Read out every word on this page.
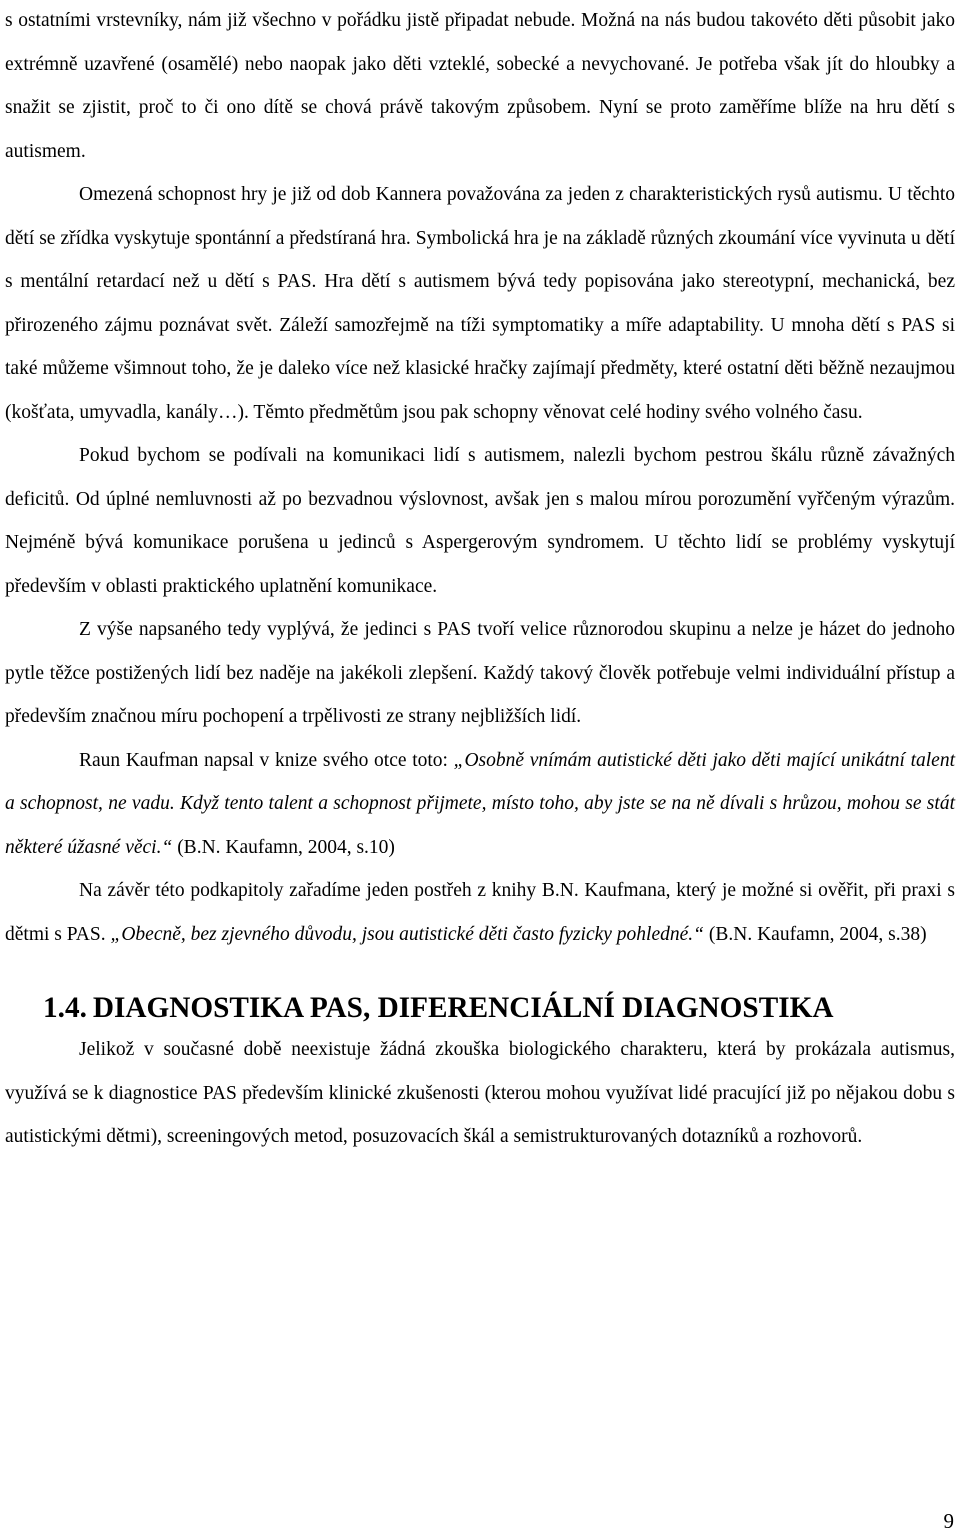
s ostatními vrstevníky, nám již všechno v pořádku jistě připadat nebude. Možná na nás budou takovéto děti působit jako extrémně uzavřené (osamělé) nebo naopak jako děti vzteklé, sobecké a nevychované. Je potřeba však jít do hloubky a snažit se zjistit, proč to či ono dítě se chová právě takovým způsobem. Nyní se proto zaměříme blíže na hru dětí s autismem.

Omezená schopnost hry je již od dob Kannera považována za jeden z charakteristických rysů autismu. U těchto dětí se zřídka vyskytuje spontánní a předstíraná hra. Symbolická hra je na základě různých zkoumání více vyvinuta u dětí s mentální retardací než u dětí s PAS. Hra dětí s autismem bývá tedy popisována jako stereotypní, mechanická, bez přirozeného zájmu poznávat svět. Záleží samozřejmě na tíži symptomatiky a míře adaptability. U mnoha dětí s PAS si také můžeme všimnout toho, že je daleko více než klasické hračky zajímají předměty, které ostatní děti běžně nezaujmou (košťata, umyvadla, kanály…). Těmto předmětům jsou pak schopny věnovat celé hodiny svého volného času.

Pokud bychom se podívali na komunikaci lidí s autismem, nalezli bychom pestrou škálu různě závažných deficitů. Od úplné nemluvnosti až po bezvadnou výslovnost, avšak jen s malou mírou porozumění vyřčeným výrazům. Nejméně bývá komunikace porušena u jedinců s Aspergerovým syndromem. U těchto lidí se problémy vyskytují především v oblasti praktického uplatnění komunikace.

Z výše napsaného tedy vyplývá, že jedinci s PAS tvoří velice různorodou skupinu a nelze je házet do jednoho pytle těžce postižených lidí bez naděje na jakékoli zlepšení. Každý takový člověk potřebuje velmi individuální přístup a především značnou míru pochopení a trpělivosti ze strany nejbližších lidí.

Raun Kaufman napsal v knize svého otce toto: „Osobně vnímám autistické děti jako děti mající unikátní talent a schopnost, ne vadu. Když tento talent a schopnost přijmete, místo toho, aby jste se na ně dívali s hrůzou, mohou se stát některé úžasné věci.“ (B.N. Kaufamn, 2004, s.10)

Na závěr této podkapitoly zařadíme jeden postřeh z knihy B.N. Kaufmana, který je možné si ověřit, při praxi s dětmi s PAS. „Obecně, bez zjevného důvodu, jsou autistické děti často fyzicky pohledné.“ (B.N. Kaufamn, 2004, s.38)

1.4. DIAGNOSTIKA PAS, DIFERENCIÁLNÍ DIAGNOSTIKA

Jelikož v současné době neexistuje žádná zkouška biologického charakteru, která by prokázala autismus, využívá se k diagnostice PAS především klinické zkušenosti (kterou mohou využívat lidé pracující již po nějakou dobu s autistickými dětmi), screeningových metod, posuzovacích škál a semistrukturovaných dotazníků a rozhovorů.

9
